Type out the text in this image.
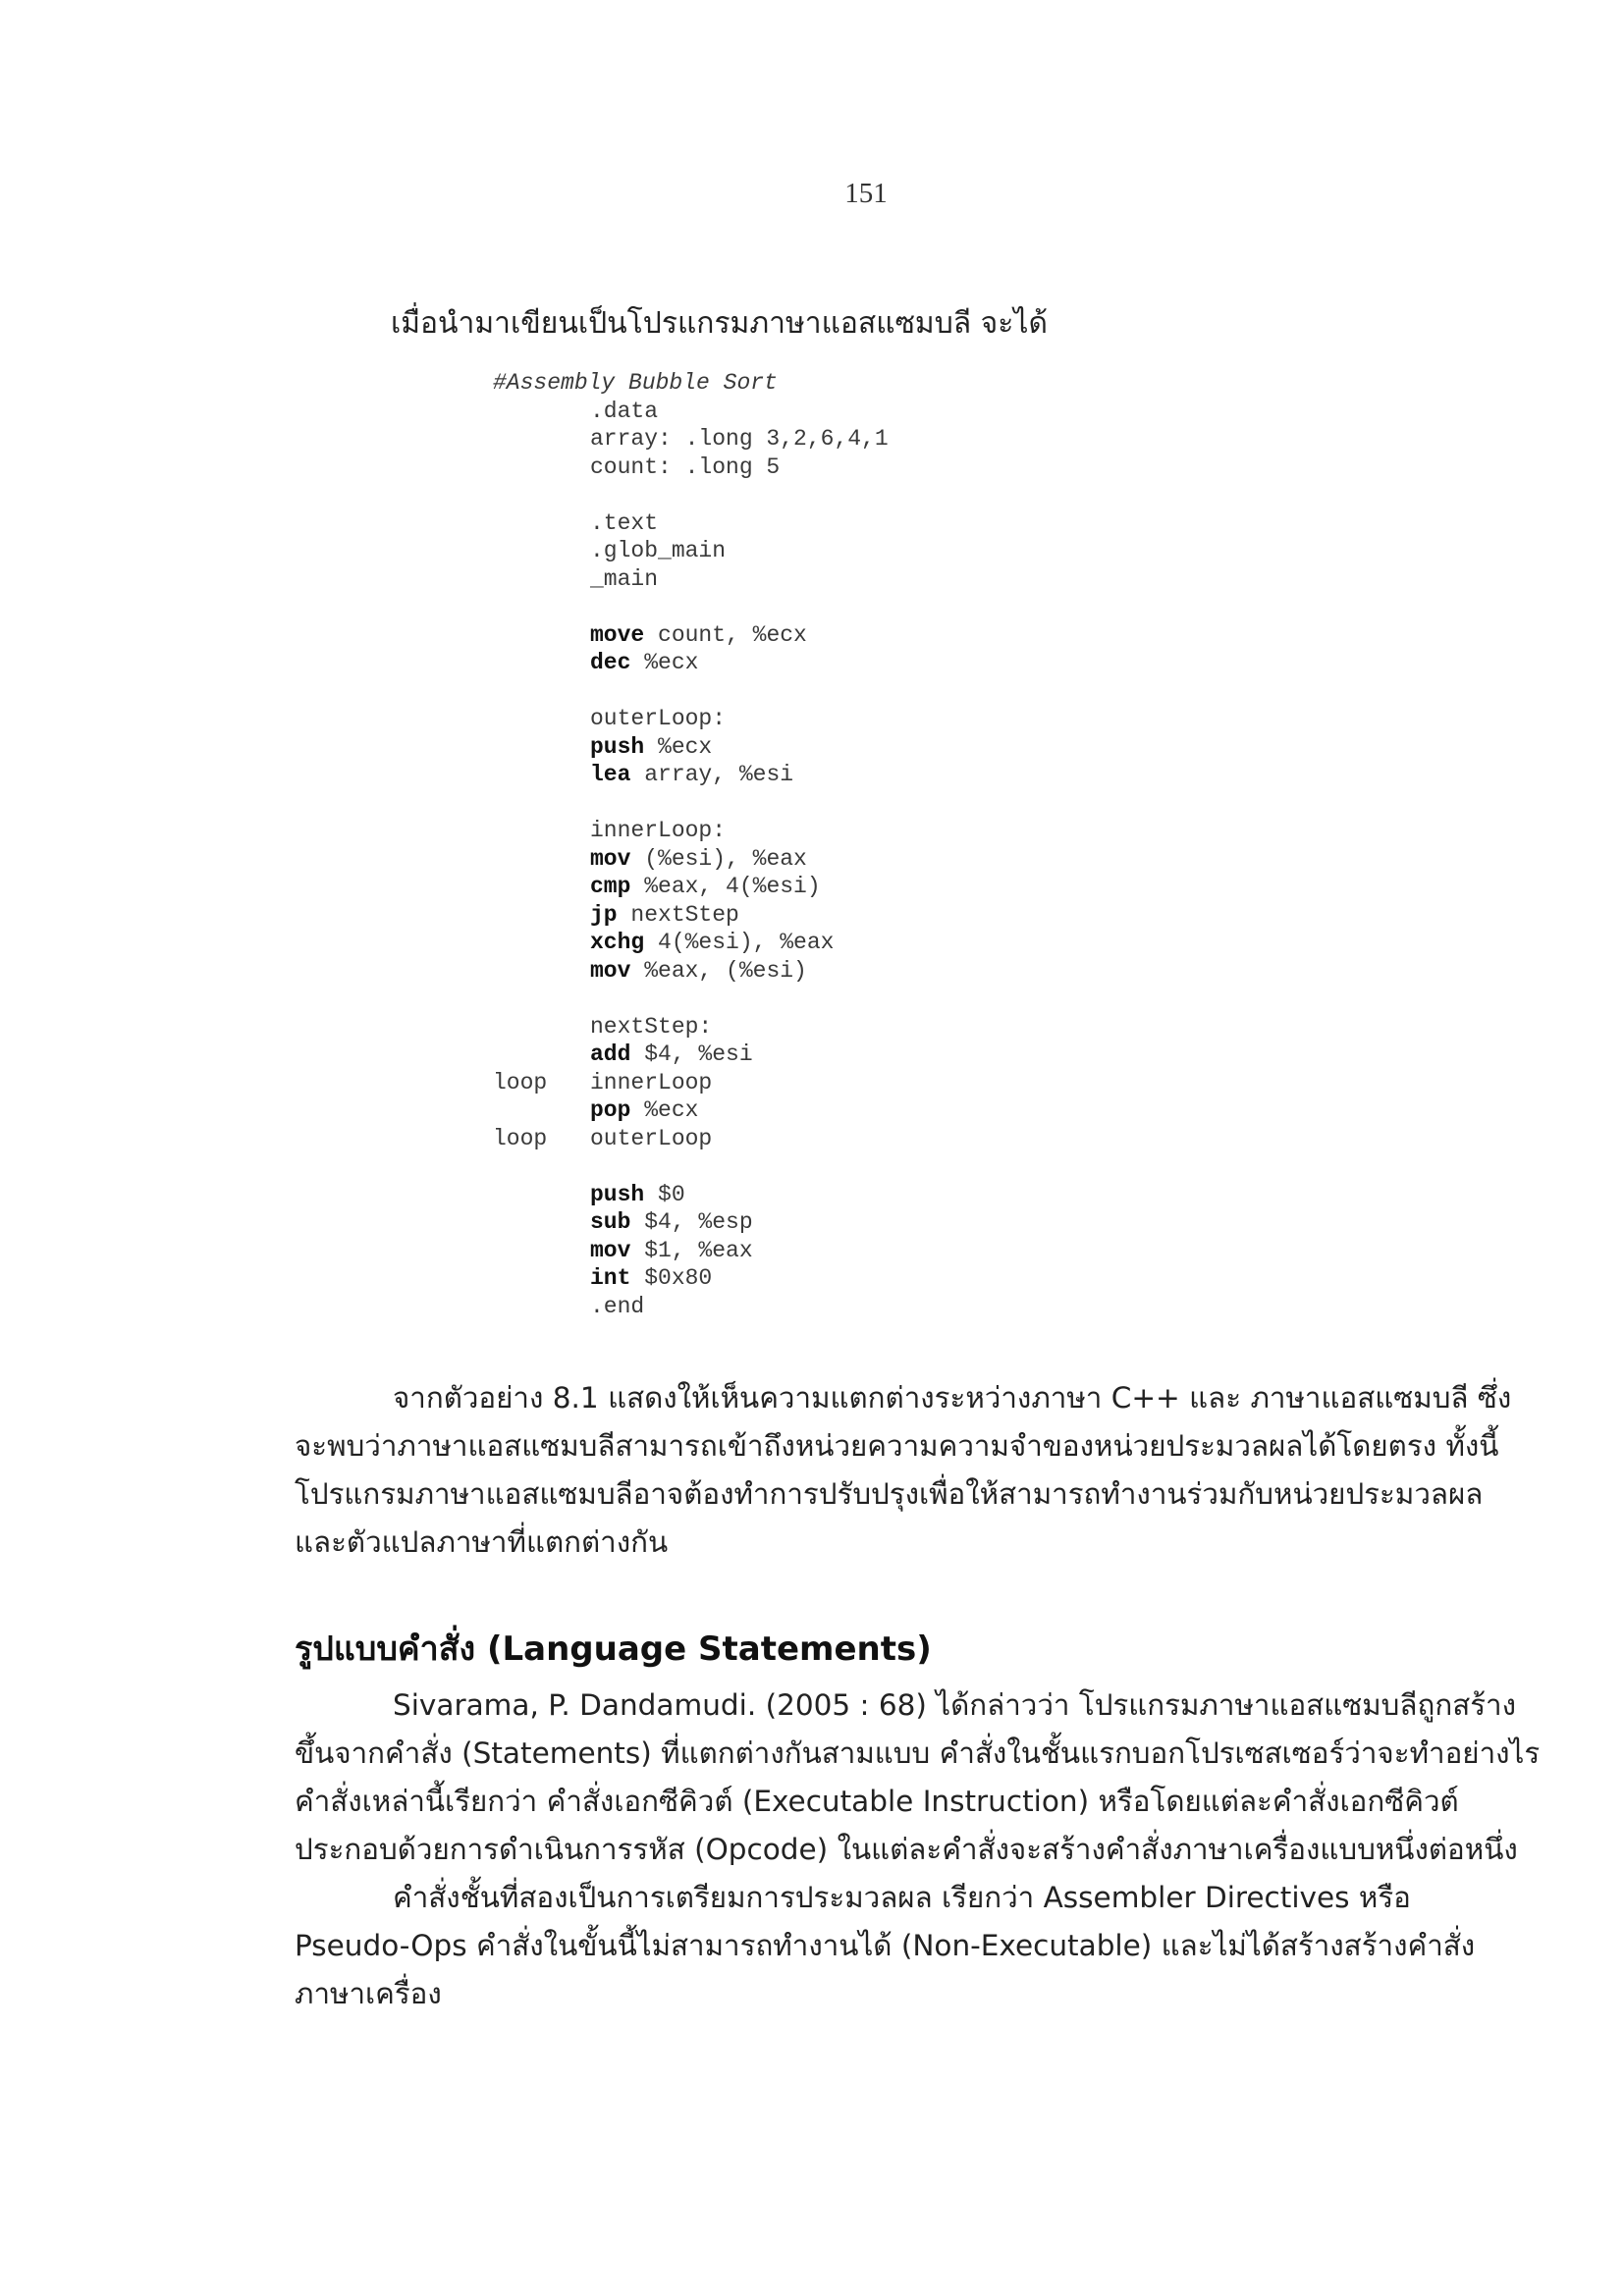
151
เมื่อนำมาเขียนเป็นโปรแกรมภาษาแอสแซมบลี จะได้
#Assembly Bubble Sort
.data
array: .long 3,2,6,4,1
count: .long 5
.text
.glob_main
_main
move count, %ecx
dec %ecx
outerLoop:
push %ecx
lea array, %esi
innerLoop:
mov (%esi), %eax
cmp %eax, 4(%esi)
jp nextStep
xchg 4(%esi), %eax
mov %eax, (%esi)
nextStep:
add $4, %esi
loop innerLoop
pop %ecx
loop outerLoop
push $0
sub $4, %esp
mov $1, %eax
int $0x80
.end
จากตัวอย่าง 8.1 แสดงให้เห็นความแตกต่างระหว่างภาษา C++ และ ภาษาแอสแซมบลี ซึ่ง
จะพบว่าภาษาแอสแซมบลีสามารถเข้าถึงหน่วยความความจำของหน่วยประมวลผลได้โดยตรง ทั้งนี้
โปรแกรมภาษาแอสแซมบลีอาจต้องทำการปรับปรุงเพื่อให้สามารถทำงานร่วมกับหน่วยประมวลผล
และตัวแปลภาษาที่แตกต่างกัน
รูปแบบคำสั่ง (Language Statements)
Sivarama, P. Dandamudi. (2005 : 68) ได้กล่าวว่า โปรแกรมภาษาแอสแซมบลีถูกสร้าง
ขึ้นจากคำสั่ง (Statements) ที่แตกต่างกันสามแบบ คำสั่งในชั้นแรกบอกโปรเซสเซอร์ว่าจะทำอย่างไร
คำสั่งเหล่านี้เรียกว่า คำสั่งเอกซีคิวต์ (Executable Instruction) หรือโดยแต่ละคำสั่งเอกซีคิวต์
ประกอบด้วยการดำเนินการรหัส (Opcode) ในแต่ละคำสั่งจะสร้างคำสั่งภาษาเครื่องแบบหนึ่งต่อหนึ่ง
คำสั่งชั้นที่สองเป็นการเตรียมการประมวลผล เรียกว่า Assembler Directives หรือ
Pseudo-Ops คำสั่งในขั้นนี้ไม่สามารถทำงานได้ (Non-Executable) และไม่ได้สร้างสร้างคำสั่ง
ภาษาเครื่อง
